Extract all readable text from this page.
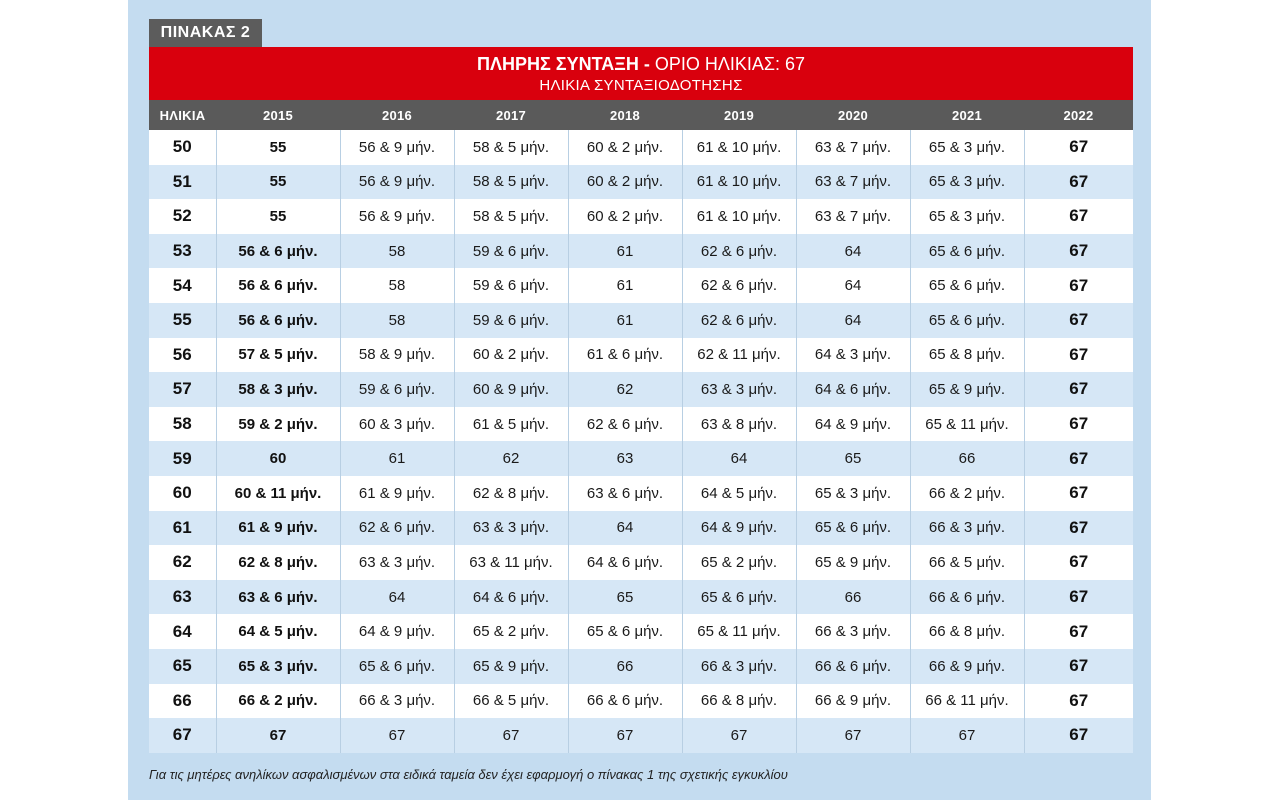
ΠΙΝΑΚΑΣ 2
ΠΛΗΡΗΣ ΣΥΝΤΑΞΗ - ΟΡΙΟ ΗΛΙΚΙΑΣ: 67
ΗΛΙΚΙΑ ΣΥΝΤΑΞΙΟΔΟΤΗΣΗΣ
ΗΛΙΚΙΑ	2015	2016	2017	2018	2019	2020	2021	2022
50	55	56 & 9 μήν.	58 & 5 μήν.	60 & 2 μήν.	61 & 10 μήν.	63 & 7 μήν.	65 & 3 μήν.	67
51	55	56 & 9 μήν.	58 & 5 μήν.	60 & 2 μήν.	61 & 10 μήν.	63 & 7 μήν.	65 & 3 μήν.	67
52	55	56 & 9 μήν.	58 & 5 μήν.	60 & 2 μήν.	61 & 10 μήν.	63 & 7 μήν.	65 & 3 μήν.	67
53	56 & 6 μήν.	58	59 & 6 μήν.	61	62 & 6 μήν.	64	65 & 6 μήν.	67
54	56 & 6 μήν.	58	59 & 6 μήν.	61	62 & 6 μήν.	64	65 & 6 μήν.	67
55	56 & 6 μήν.	58	59 & 6 μήν.	61	62 & 6 μήν.	64	65 & 6 μήν.	67
56	57 & 5 μήν.	58 & 9 μήν.	60 & 2 μήν.	61 & 6 μήν.	62 & 11 μήν.	64 & 3 μήν.	65 & 8 μήν.	67
57	58 & 3 μήν.	59 & 6 μήν.	60 & 9 μήν.	62	63 & 3 μήν.	64 & 6 μήν.	65 & 9 μήν.	67
58	59 & 2 μήν.	60 & 3 μήν.	61 & 5 μήν.	62 & 6 μήν.	63 & 8 μήν.	64 & 9 μήν.	65 & 11 μήν.	67
59	60	61	62	63	64	65	66	67
60	60 & 11 μήν.	61 & 9 μήν.	62 & 8 μήν.	63 & 6 μήν.	64 & 5 μήν.	65 & 3 μήν.	66 & 2 μήν.	67
61	61 & 9 μήν.	62 & 6 μήν.	63 & 3 μήν.	64	64 & 9 μήν.	65 & 6 μήν.	66 & 3 μήν.	67
62	62 & 8 μήν.	63 & 3 μήν.	63 & 11 μήν.	64 & 6 μήν.	65 & 2 μήν.	65 & 9 μήν.	66 & 5 μήν.	67
63	63 & 6 μήν.	64	64 & 6 μήν.	65	65 & 6 μήν.	66	66 & 6 μήν.	67
64	64 & 5 μήν.	64 & 9 μήν.	65 & 2 μήν.	65 & 6 μήν.	65 & 11 μήν.	66 & 3 μήν.	66 & 8 μήν.	67
65	65 & 3 μήν.	65 & 6 μήν.	65 & 9 μήν.	66	66 & 3 μήν.	66 & 6 μήν.	66 & 9 μήν.	67
66	66 & 2 μήν.	66 & 3 μήν.	66 & 5 μήν.	66 & 6 μήν.	66 & 8 μήν.	66 & 9 μήν.	66 & 11 μήν.	67
67	67	67	67	67	67	67	67	67
Για τις μητέρες ανηλίκων ασφαλισμένων στα ειδικά ταμεία δεν έχει εφαρμογή ο πίνακας 1 της σχετικής εγκυκλίου
